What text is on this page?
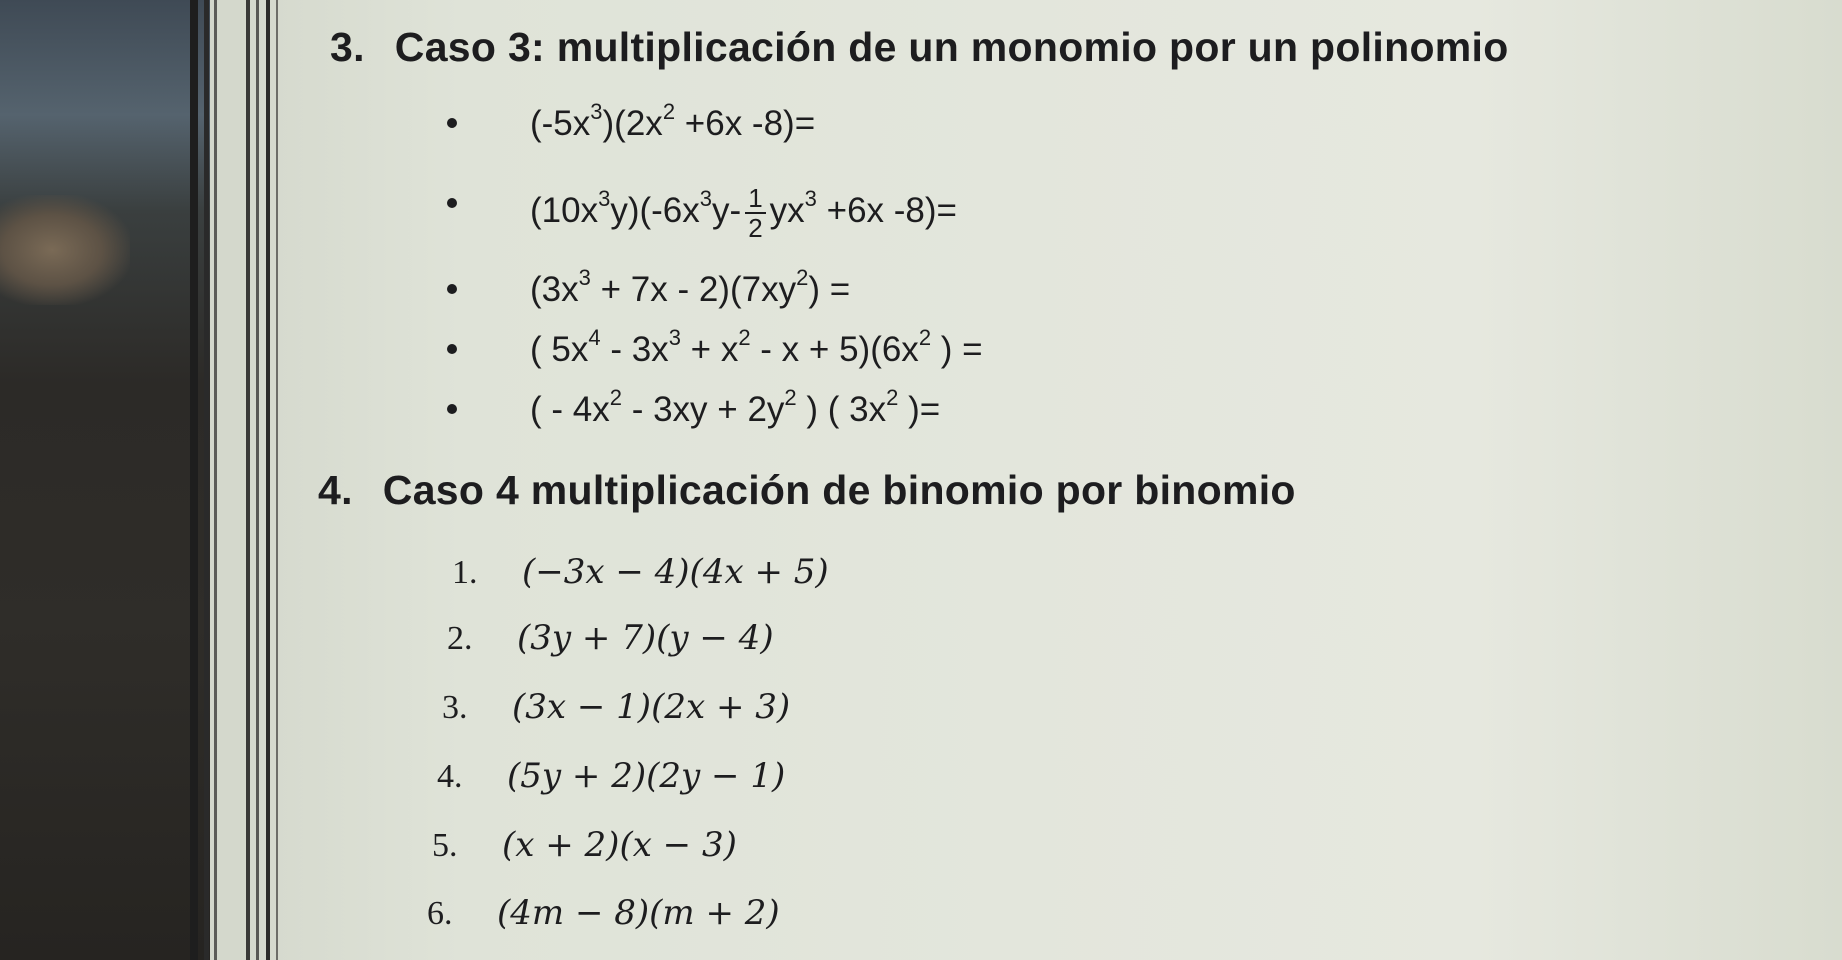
3. Caso 3: multiplicación de un monomio por un polinomio
$(-5x^3)(2x^2 +6x$ -8)=
$(10x^3y)(-6x^3y- \frac{1}{2} yx^3 +6x$ -8)=
$(3x^3 + 7x - 2)(7xy^2)$ =
( $5x^4 - 3x^3 + x^2 - x + 5)(6x^2$ ) =
( - $4x^2 - 3xy + 2y^2$ ) ( $3x^2$ )=
4. Caso 4 multiplicación de binomio por binomio
1. (−3x − 4)(4x + 5)
2. (3y + 7)(y − 4)
3. (3x − 1)(2x + 3)
4. (5y + 2)(2y − 1)
5. (x + 2)(x − 3)
6. (4m − 8)(m + 2)
